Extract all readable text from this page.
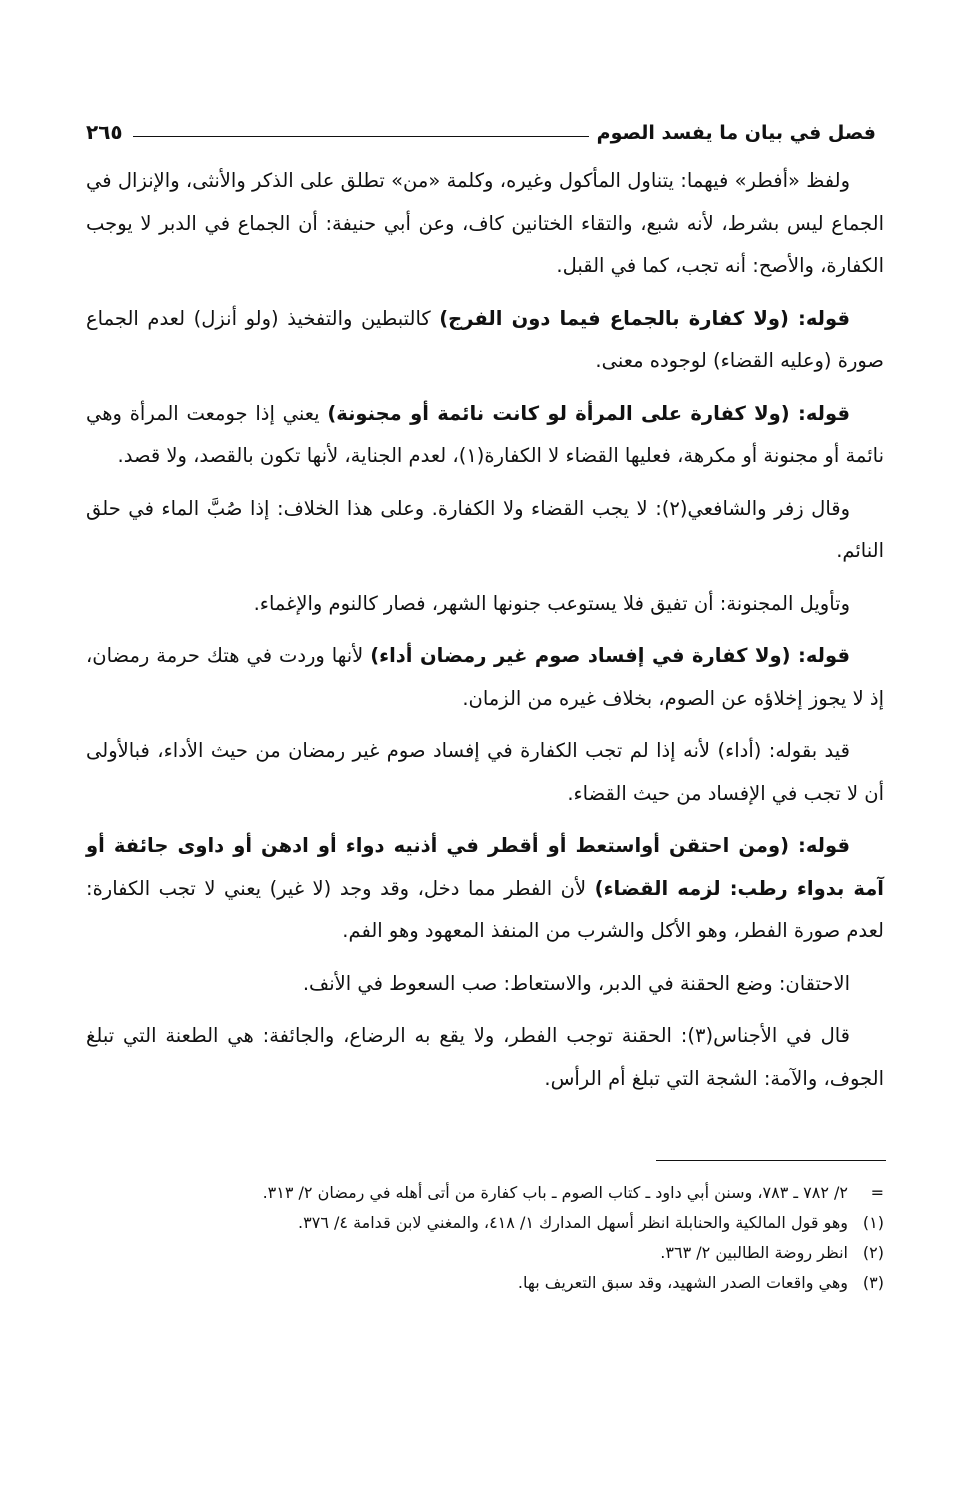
فصل في بيان ما يفسد الصوم
٢٦٥

ولفظ «أفطر» فيهما: يتناول المأكول وغيره، وكلمة «من» تطلق على الذكر والأنثى، والإنزال في الجماع ليس بشرط، لأنه شبع، والتقاء الختانين كاف، وعن أبي حنيفة: أن الجماع في الدبر لا يوجب الكفارة، والأصح: أنه تجب، كما في القبل.

قوله: (ولا كفارة بالجماع فيما دون الفرج) كالتبطين والتفخيذ (ولو أنزل) لعدم الجماع صورة (وعليه القضاء) لوجوده معنى.

قوله: (ولا كفارة على المرأة لو كانت نائمة أو مجنونة) يعني إذا جومعت المرأة وهي نائمة أو مجنونة أو مكرهة، فعليها القضاء لا الكفارة(١)، لعدم الجناية، لأنها تكون بالقصد، ولا قصد.

وقال زفر والشافعي(٢): لا يجب القضاء ولا الكفارة. وعلى هذا الخلاف: إذا صُبَّ الماء في حلق النائم.

وتأويل المجنونة: أن تفيق فلا يستوعب جنونها الشهر، فصار كالنوم والإغماء.

قوله: (ولا كفارة في إفساد صوم غير رمضان أداء) لأنها وردت في هتك حرمة رمضان، إذ لا يجوز إخلاؤه عن الصوم، بخلاف غيره من الزمان.

قيد بقوله: (أداء) لأنه إذا لم تجب الكفارة في إفساد صوم غير رمضان من حيث الأداء، فبالأولى أن لا تجب في الإفساد من حيث القضاء.

قوله: (ومن احتقن أواستعط أو أقطر في أذنيه دواء أو ادهن أو داوى جائفة أو آمة بدواء رطب: لزمه القضاء) لأن الفطر مما دخل، وقد وجد (لا غير) يعني لا تجب الكفارة: لعدم صورة الفطر، وهو الأكل والشرب من المنفذ المعهود وهو الفم.

الاحتقان: وضع الحقنة في الدبر، والاستعاط: صب السعوط في الأنف.

قال في الأجناس(٣): الحقنة توجب الفطر، ولا يقع به الرضاع، والجائفة: هي الطعنة التي تبلغ الجوف، والآمة: الشجة التي تبلغ أم الرأس.

=
٢/ ٧٨٢ ـ ٧٨٣، وسنن أبي داود ـ كتاب الصوم ـ باب كفارة من أتى أهله في رمضان ٢/ ٣١٣.
(١)
وهو قول المالكية والحنابلة انظر أسهل المدارك ١/ ٤١٨، والمغني لابن قدامة ٤/ ٣٧٦.
(٢)
انظر روضة الطالبين ٢/ ٣٦٣.
(٣)
وهي واقعات الصدر الشهيد، وقد سبق التعريف بها.
